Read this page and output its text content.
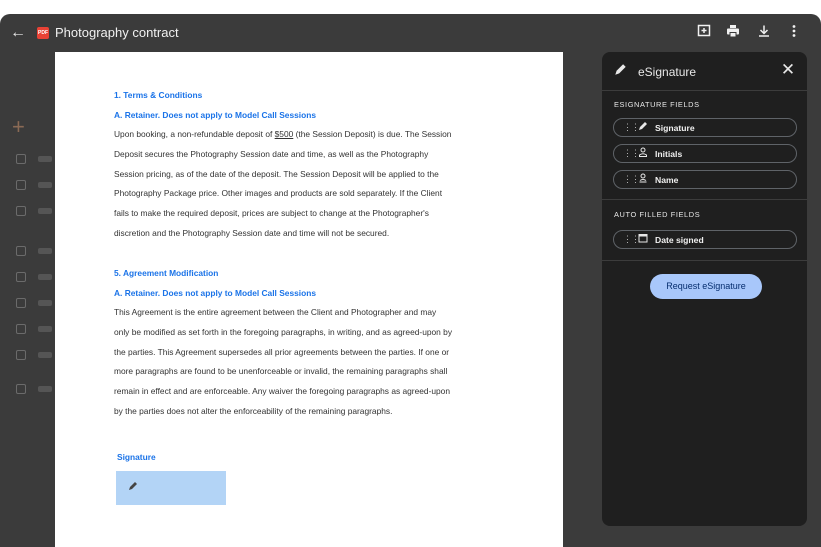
+
← PDF Photography contract
1. Terms & Conditions
A. Retainer. Does not apply to Model Call Sessions
Upon booking, a non-refundable deposit of $500 (the Session Deposit) is due. The Session
Deposit secures the Photography Session date and time, as well as the Photography
Session pricing, as of the date of the deposit. The Session Deposit will be applied to the
Photography Package price. Other images and products are sold separately. If the Client
fails to make the required deposit, prices are subject to change at the Photographer's
discretion and the Photography Session date and time will not be secured.
5. Agreement Modification
A. Retainer. Does not apply to Model Call Sessions
This Agreement is the entire agreement between the Client and Photographer and may
only be modified as set forth in the foregoing paragraphs, in writing, and as agreed-upon by
the parties. This Agreement supersedes all prior agreements between the parties. If one or
more paragraphs are found to be unenforceable or invalid, the remaining paragraphs shall
remain in effect and are enforceable. Any waiver the foregoing paragraphs as agreed-upon
by the parties does not alter the enforceability of the remaining paragraphs.
Signature
eSignature	✕
ESIGNATURE FIELDS
⋮⋮ Signature
⋮⋮ Initials
⋮⋮ Name
AUTO FILLED FIELDS
⋮⋮ Date signed
Request eSignature
